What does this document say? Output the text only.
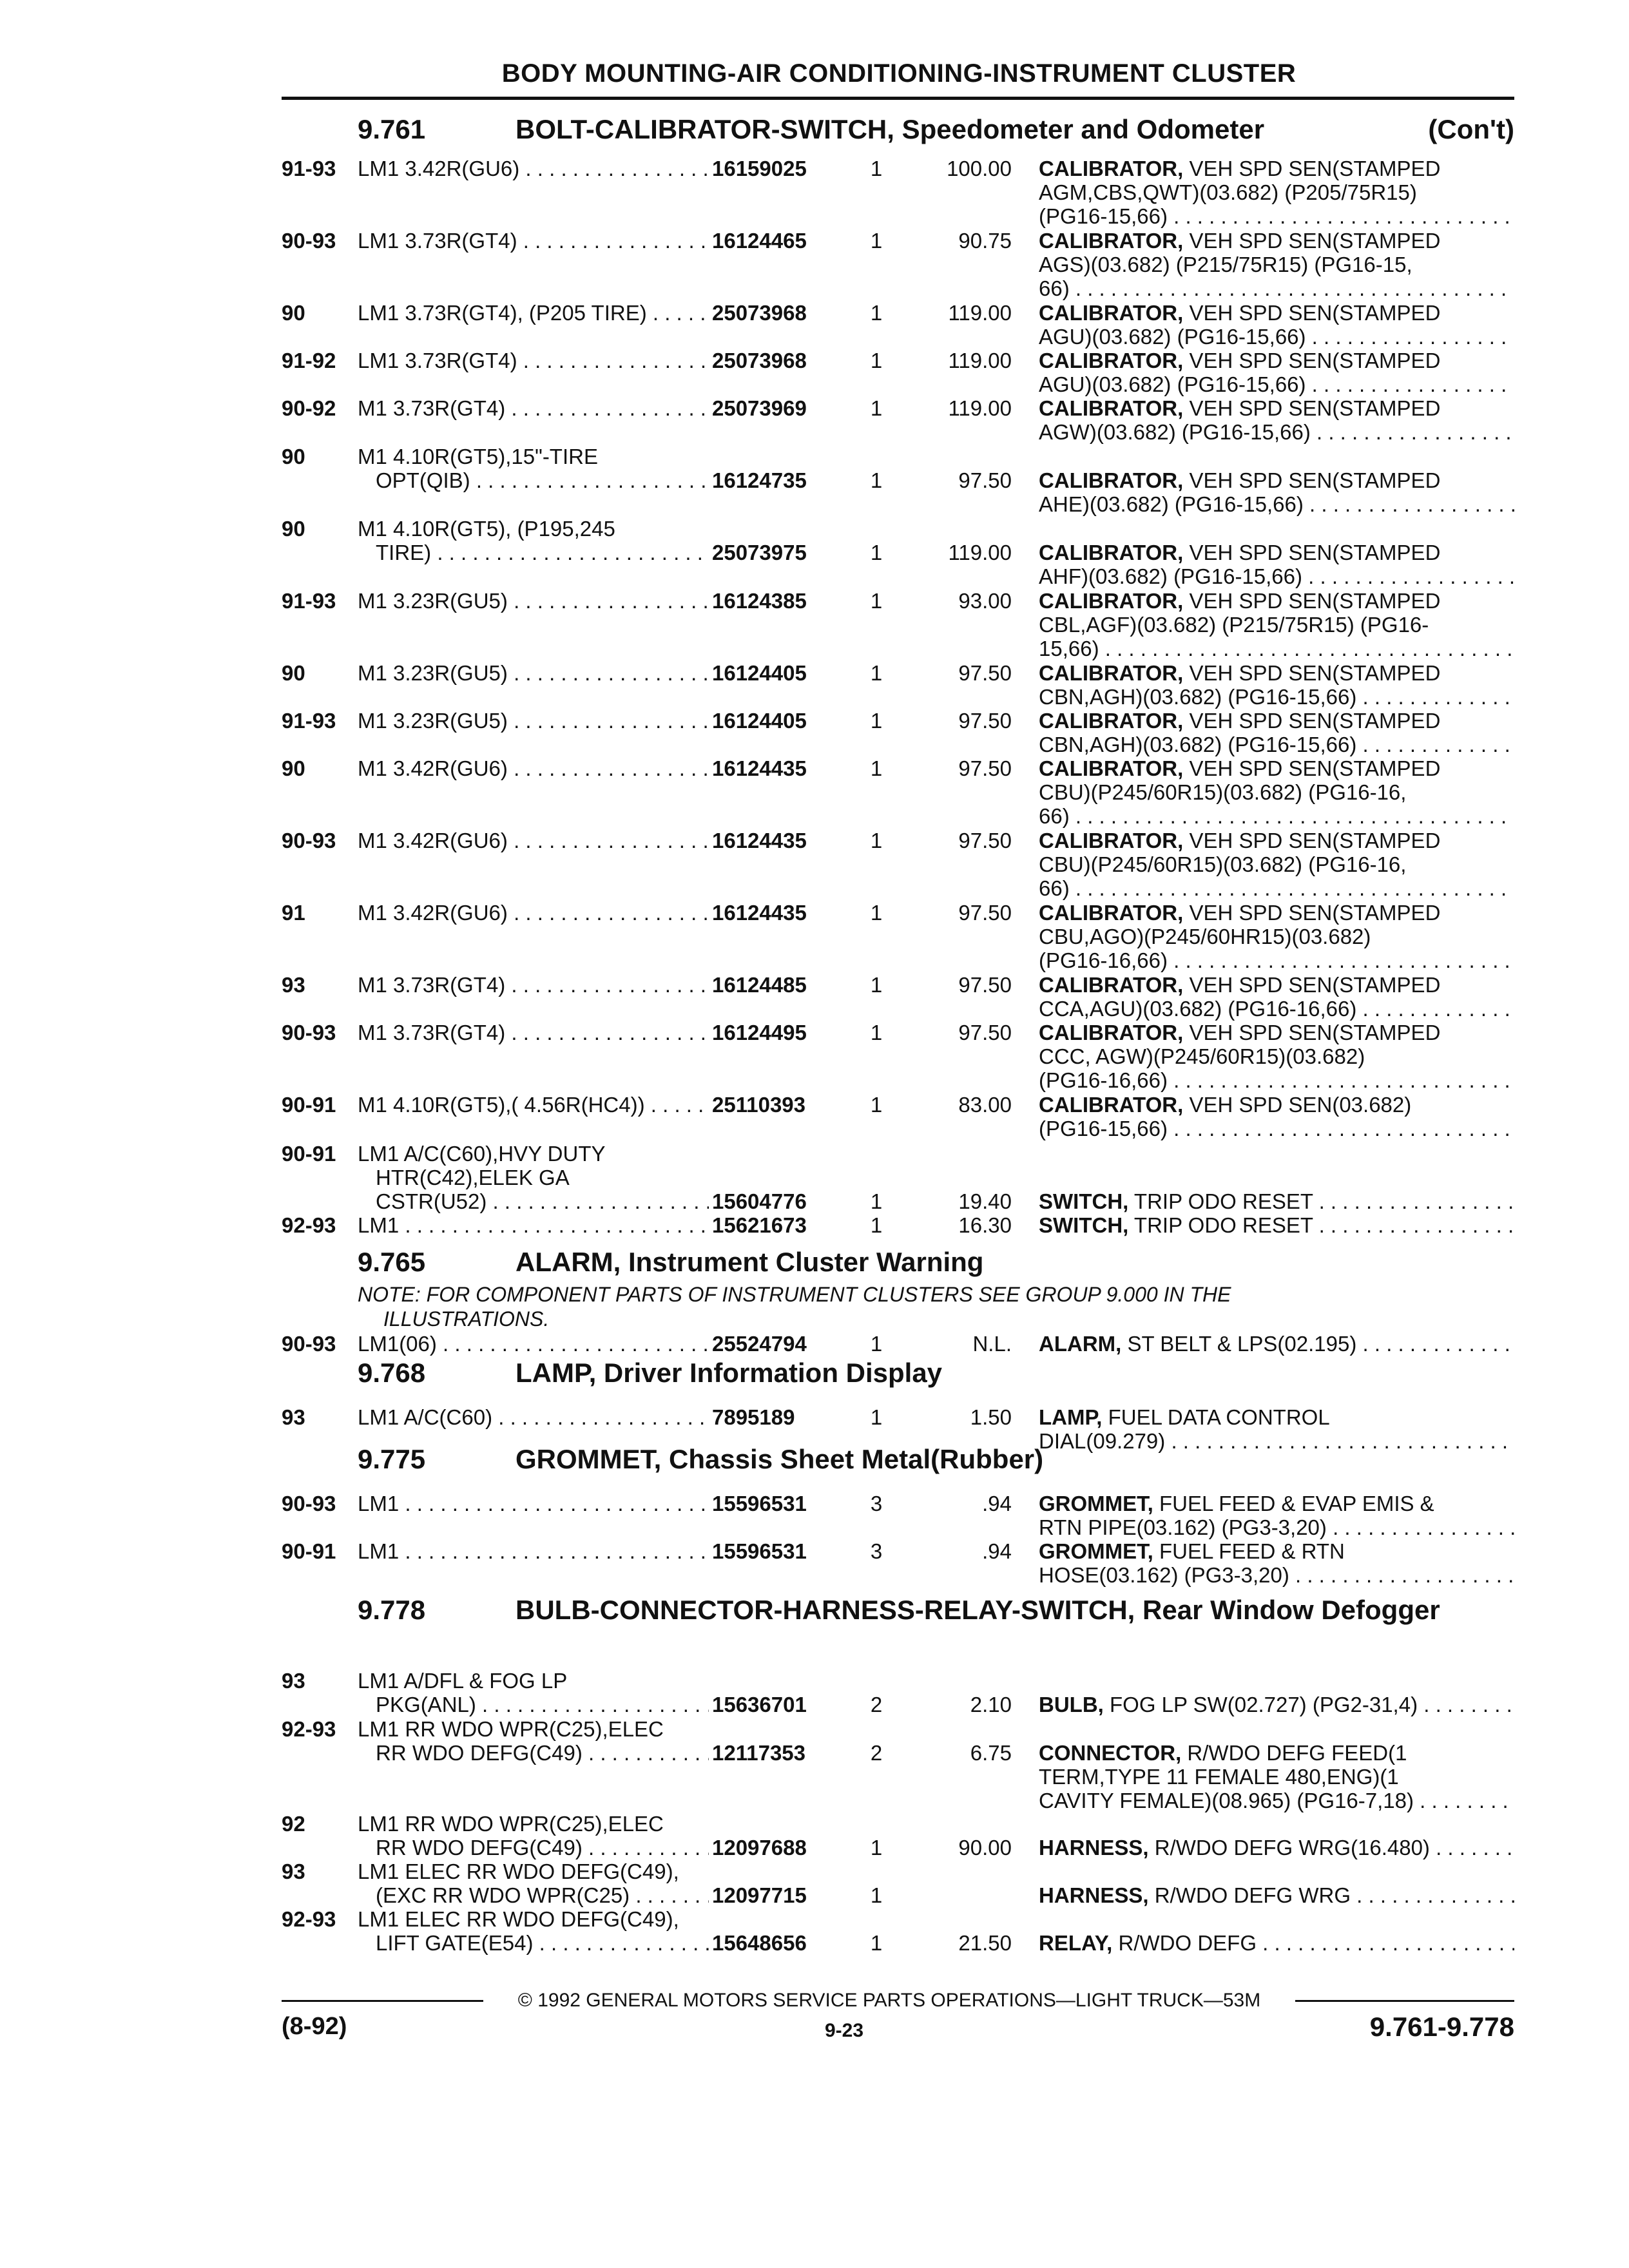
BODY MOUNTING-AIR CONDITIONING-INSTRUMENT CLUSTER
9.761	BOLT-CALIBRATOR-SWITCH, Speedometer and Odometer	(Con't)
91-93 LM1 3.42R(GU6) . . .	16159025	1	100.00 CALIBRATOR, VEH SPD SEN(STAMPED
AGM,CBS,QWT)(03.682) (P205/75R15)
(PG16-15,66) . . .
90-93 LM1 3.73R(GT4) . . .	16124465	1	90.75 CALIBRATOR, VEH SPD SEN(STAMPED
AGS)(03.682) (P215/75R15) (PG16-15,
66) . . .
90 LM1 3.73R(GT4), (P205 TIRE) . . .	25073968	1	119.00 CALIBRATOR, VEH SPD SEN(STAMPED
AGU)(03.682) (PG16-15,66) . . .
91-92 LM1 3.73R(GT4) . . .	25073968	1	119.00 CALIBRATOR, VEH SPD SEN(STAMPED
AGU)(03.682) (PG16-15,66) . . .
90-92 M1 3.73R(GT4) . . .	25073969	1	119.00 CALIBRATOR, VEH SPD SEN(STAMPED
AGW)(03.682) (PG16-15,66) . . .
90 M1 4.10R(GT5),15"-TIRE
OPT(QIB) . . .	16124735	1	97.50 CALIBRATOR, VEH SPD SEN(STAMPED
AHE)(03.682) (PG16-15,66) . . .
90 M1 4.10R(GT5), (P195,245
TIRE) . . .	25073975	1	119.00 CALIBRATOR, VEH SPD SEN(STAMPED
AHF)(03.682) (PG16-15,66) . . .
91-93 M1 3.23R(GU5) . . .	16124385	1	93.00 CALIBRATOR, VEH SPD SEN(STAMPED
CBL,AGF)(03.682) (P215/75R15) (PG16-
15,66) . . .
90 M1 3.23R(GU5) . . .	16124405	1	97.50 CALIBRATOR, VEH SPD SEN(STAMPED
CBN,AGH)(03.682) (PG16-15,66) . . .
91-93 M1 3.23R(GU5) . . .	16124405	1	97.50 CALIBRATOR, VEH SPD SEN(STAMPED
CBN,AGH)(03.682) (PG16-15,66) . . .
90 M1 3.42R(GU6) . . .	16124435	1	97.50 CALIBRATOR, VEH SPD SEN(STAMPED
CBU)(P245/60R15)(03.682) (PG16-16,
66) . . .
90-93 M1 3.42R(GU6) . . .	16124435	1	97.50 CALIBRATOR, VEH SPD SEN(STAMPED
CBU)(P245/60R15)(03.682) (PG16-16,
66) . . .
91 M1 3.42R(GU6) . . .	16124435	1	97.50 CALIBRATOR, VEH SPD SEN(STAMPED
CBU,AGO)(P245/60HR15)(03.682)
(PG16-16,66) . . .
93 M1 3.73R(GT4) . . .	16124485	1	97.50 CALIBRATOR, VEH SPD SEN(STAMPED
CCA,AGU)(03.682) (PG16-16,66) . . .
90-93 M1 3.73R(GT4) . . .	16124495	1	97.50 CALIBRATOR, VEH SPD SEN(STAMPED
CCC, AGW)(P245/60R15)(03.682)
(PG16-16,66) . . .
90-91 M1 4.10R(GT5),( 4.56R(HC4)) . . .	25110393	1	83.00 CALIBRATOR, VEH SPD SEN(03.682)
(PG16-15,66) . . .
90-91 LM1 A/C(C60),HVY DUTY
HTR(C42),ELEK GA
CSTR(U52) . . .	15604776	1	19.40 SWITCH, TRIP ODO RESET . . .
92-93 LM1 . . .	15621673	1	16.30 SWITCH, TRIP ODO RESET . . .
9.765	ALARM, Instrument Cluster Warning
NOTE: FOR COMPONENT PARTS OF INSTRUMENT CLUSTERS SEE GROUP 9.000 IN THE
ILLUSTRATIONS.
90-93 LM1(06) . . .	25524794	1	N.L. ALARM, ST BELT & LPS(02.195) . . .
9.768	LAMP, Driver Information Display
93 LM1 A/C(C60) . . .	7895189	1	1.50 LAMP, FUEL DATA CONTROL
DIAL(09.279) . . .
9.775	GROMMET, Chassis Sheet Metal(Rubber)
90-93 LM1 . . .	15596531	3	.94 GROMMET, FUEL FEED & EVAP EMIS &
RTN PIPE(03.162) (PG3-3,20) . . .
90-91 LM1 . . .	15596531	3	.94 GROMMET, FUEL FEED & RTN
HOSE(03.162) (PG3-3,20) . . .
9.778	BULB-CONNECTOR-HARNESS-RELAY-SWITCH, Rear Window Defogger
93 LM1 A/DFL & FOG LP
PKG(ANL) . . .	15636701	2	2.10 BULB, FOG LP SW(02.727) (PG2-31,4) . . .
92-93 LM1 RR WDO WPR(C25),ELEC
RR WDO DEFG(C49) . . .	12117353	2	6.75 CONNECTOR, R/WDO DEFG FEED(1
TERM,TYPE 11 FEMALE 480,ENG)(1
CAVITY FEMALE)(08.965) (PG16-7,18) . . .
92 LM1 RR WDO WPR(C25),ELEC
RR WDO DEFG(C49) . . .	12097688	1	90.00 HARNESS, R/WDO DEFG WRG(16.480) . . .
93 LM1 ELEC RR WDO DEFG(C49),
(EXC RR WDO WPR(C25) . . .	12097715	1	HARNESS, R/WDO DEFG WRG . . .
92-93 LM1 ELEC RR WDO DEFG(C49),
LIFT GATE(E54) . . .	15648656	1	21.50 RELAY, R/WDO DEFG . . .
© 1992 GENERAL MOTORS SERVICE PARTS OPERATIONS—LIGHT TRUCK—53M
(8-92)	9-23	9.761-9.778
